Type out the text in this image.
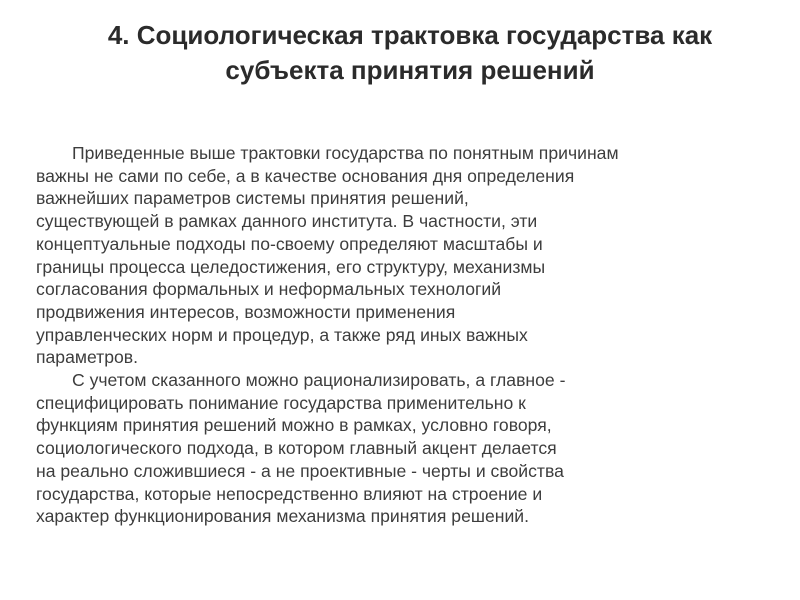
4. Социологическая трактовка государства как
субъекта принятия решений

Приведенные выше трактовки государства по понятным причинам
важны не сами по себе, а в качестве основания дня определения
важнейших параметров системы принятия решений,
существующей в рамках данного института. В частности, эти
концептуальные подходы по-своему определяют масштабы и
границы процесса целедостижения, его структуру, механизмы
согласования формальных и неформальных технологий
продвижения интересов, возможности применения
управленческих норм и процедур, а также ряд иных важных
параметров.

С учетом сказанного можно рационализировать, а главное -
специфицировать понимание государства применительно к
функциям принятия решений можно в рамках, условно говоря,
социологического подхода, в котором главный акцент делается
на реально сложившиеся - а не проективные - черты и свойства
государства, которые непосредственно влияют на строение и
характер функционирования механизма принятия решений.
